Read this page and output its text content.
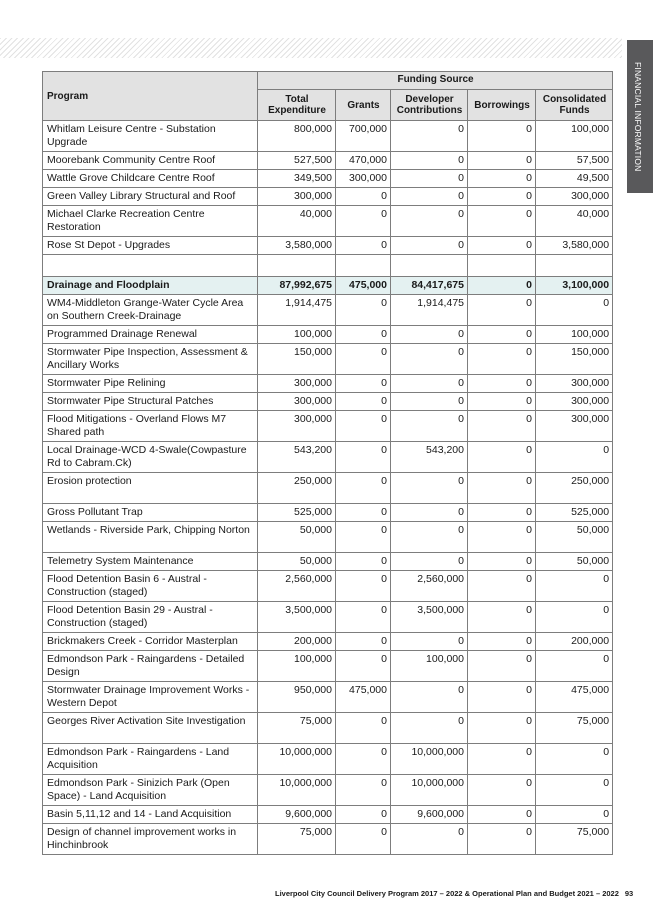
FINANCIAL INFORMATION
Program	Funding Source				
	Total Expenditure	Grants	Developer Contributions	Borrowings	Consolidated Funds
Whitlam Leisure Centre - Substation Upgrade	800,000	700,000	0	0	100,000
Moorebank Community Centre Roof	527,500	470,000	0	0	57,500
Wattle Grove Childcare Centre Roof	349,500	300,000	0	0	49,500
Green Valley Library Structural and Roof	300,000	0	0	0	300,000
Michael Clarke Recreation Centre Restoration	40,000	0	0	0	40,000
Rose St Depot - Upgrades	3,580,000	0	0	0	3,580,000

Drainage and Floodplain	87,992,675	475,000	84,417,675	0	3,100,000
WM4-Middleton Grange-Water Cycle Area on Southern Creek-Drainage	1,914,475	0	1,914,475	0	0
Programmed Drainage Renewal	100,000	0	0	0	100,000
Stormwater Pipe Inspection, Assessment & Ancillary Works	150,000	0	0	0	150,000
Stormwater Pipe Relining	300,000	0	0	0	300,000
Stormwater Pipe Structural Patches	300,000	0	0	0	300,000
Flood Mitigations - Overland Flows M7 Shared path	300,000	0	0	0	300,000
Local Drainage-WCD 4-Swale(Cowpasture Rd to Cabram.Ck)	543,200	0	543,200	0	0
Erosion protection	250,000	0	0	0	250,000
Gross Pollutant Trap	525,000	0	0	0	525,000
Wetlands - Riverside Park, Chipping Norton	50,000	0	0	0	50,000
Telemetry System Maintenance	50,000	0	0	0	50,000
Flood Detention Basin 6 - Austral - Construction (staged)	2,560,000	0	2,560,000	0	0
Flood Detention Basin 29 - Austral - Construction (staged)	3,500,000	0	3,500,000	0	0
Brickmakers Creek - Corridor Masterplan	200,000	0	0	0	200,000
Edmondson Park - Raingardens - Detailed Design	100,000	0	100,000	0	0
Stormwater Drainage Improvement Works - Western Depot	950,000	475,000	0	0	475,000
Georges River Activation Site Investigation	75,000	0	0	0	75,000
Edmondson Park - Raingardens - Land Acquisition	10,000,000	0	10,000,000	0	0
Edmondson Park - Sinizich Park (Open Space) - Land Acquisition	10,000,000	0	10,000,000	0	0
Basin 5,11,12 and 14 - Land Acquisition	9,600,000	0	9,600,000	0	0
Design of channel improvement works in Hinchinbrook	75,000	0	0	0	75,000
Liverpool City Council Delivery Program 2017 – 2022 & Operational Plan and Budget 2021 – 2022 93
